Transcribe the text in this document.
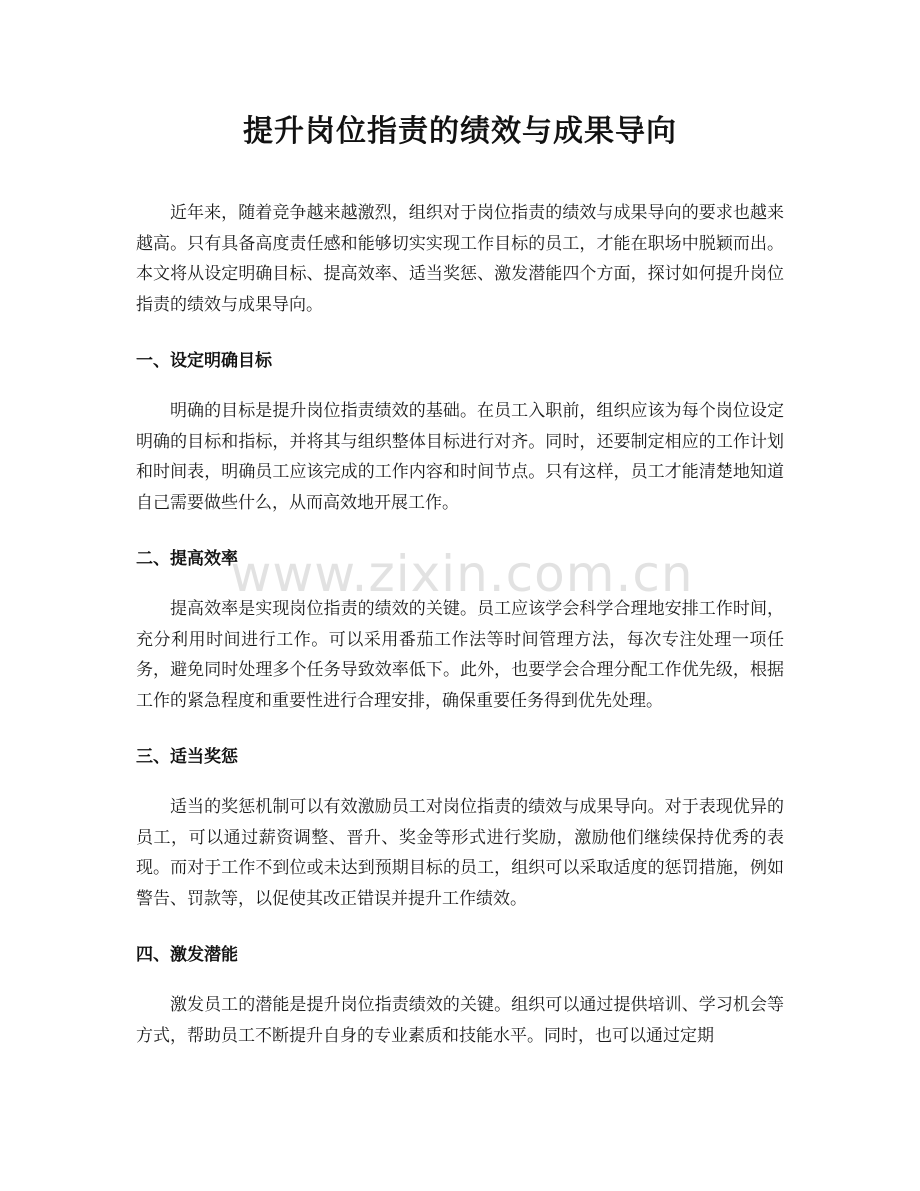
提升岗位指责的绩效与成果导向

近年来，随着竞争越来越激烈，组织对于岗位指责的绩效与成果导向的要求也越来越高。只有具备高度责任感和能够切实实现工作目标的员工，才能在职场中脱颖而出。本文将从设定明确目标、提高效率、适当奖惩、激发潜能四个方面，探讨如何提升岗位指责的绩效与成果导向。

一、设定明确目标

明确的目标是提升岗位指责绩效的基础。在员工入职前，组织应该为每个岗位设定明确的目标和指标，并将其与组织整体目标进行对齐。同时，还要制定相应的工作计划和时间表，明确员工应该完成的工作内容和时间节点。只有这样，员工才能清楚地知道自己需要做些什么，从而高效地开展工作。

二、提高效率

提高效率是实现岗位指责的绩效的关键。员工应该学会科学合理地安排工作时间，充分利用时间进行工作。可以采用番茄工作法等时间管理方法，每次专注处理一项任务，避免同时处理多个任务导致效率低下。此外，也要学会合理分配工作优先级，根据工作的紧急程度和重要性进行合理安排，确保重要任务得到优先处理。

三、适当奖惩

适当的奖惩机制可以有效激励员工对岗位指责的绩效与成果导向。对于表现优异的员工，可以通过薪资调整、晋升、奖金等形式进行奖励，激励他们继续保持优秀的表现。而对于工作不到位或未达到预期目标的员工，组织可以采取适度的惩罚措施，例如警告、罚款等，以促使其改正错误并提升工作绩效。

四、激发潜能

激发员工的潜能是提升岗位指责绩效的关键。组织可以通过提供培训、学习机会等方式，帮助员工不断提升自身的专业素质和技能水平。同时，也可以通过定期

www.zixin.com.cn
